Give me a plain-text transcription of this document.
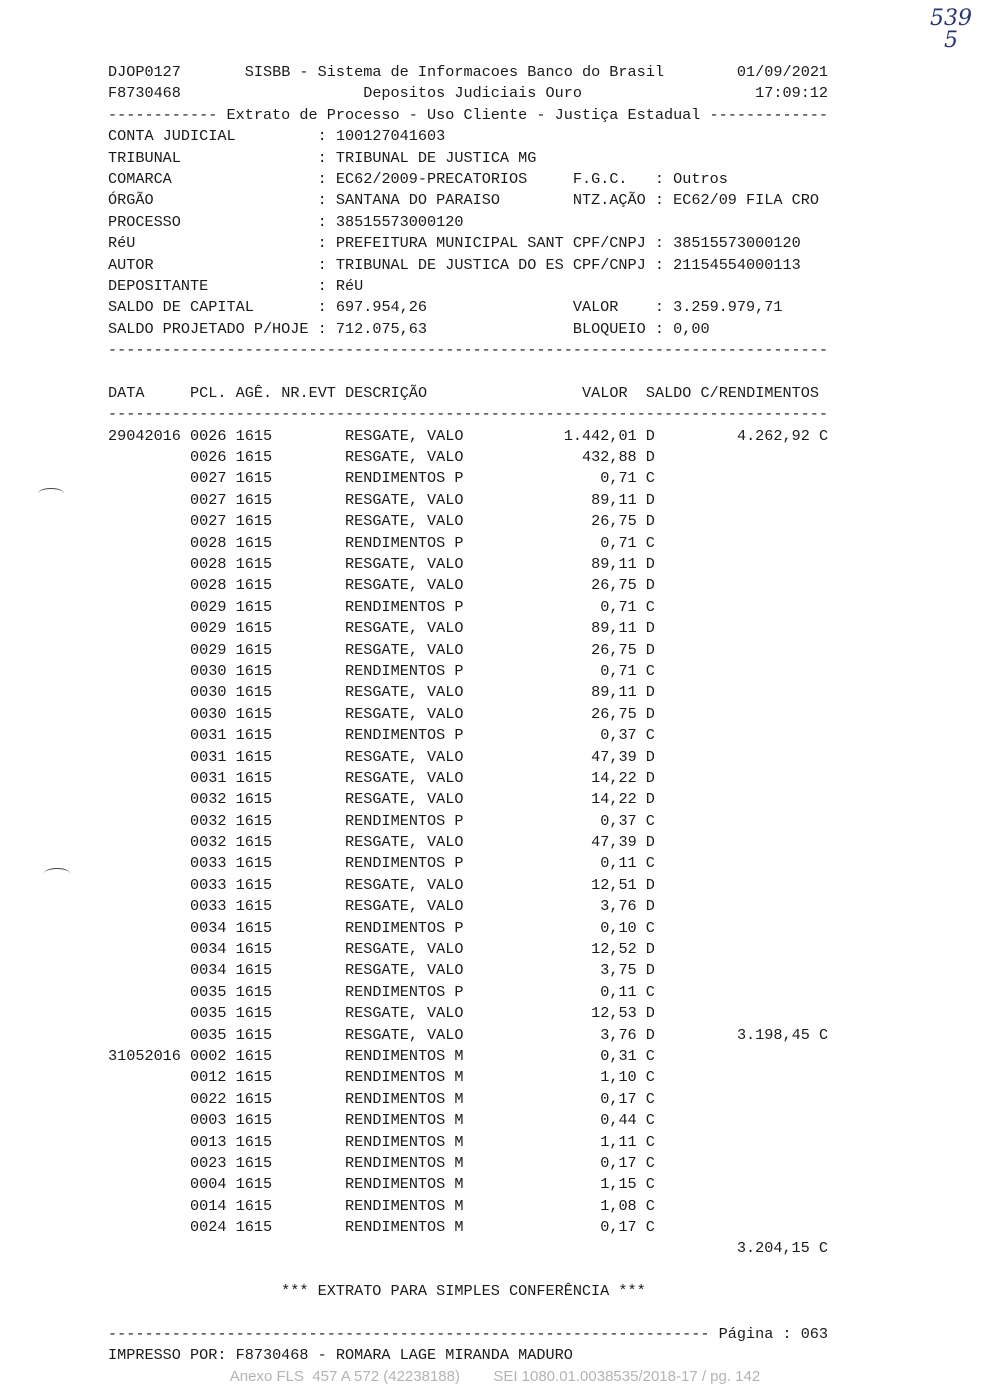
539
5
DJOP0127	SISBB - Sistema de Informacoes Banco do Brasil	01/09/2021
F8730468	Depositos Judiciais Ouro	17:09:12
------------ Extrato de Processo - Uso Cliente - Justiça Estadual -------------
CONTA JUDICIAL	: 100127041603
TRIBUNAL	: TRIBUNAL DE JUSTICA MG
COMARCA	: EC62/2009-PRECATORIOS	F.G.C.   : Outros
ÓRGÃO	: SANTANA DO PARAISO	NTZ.AÇÃO : EC62/09 FILA CRO
PROCESSO	: 38515573000120
RéU	: PREFEITURA MUNICIPAL SANT CPF/CNPJ : 38515573000120
AUTOR	: TRIBUNAL DE JUSTICA DO ES CPF/CNPJ : 21154554000113
DEPOSITANTE	: RéU
SALDO DE CAPITAL	: 697.954,26	VALOR    : 3.259.979,71
SALDO PROJETADO P/HOJE : 712.075,63	BLOQUEIO : 0,00
-------------------------------------------------------------------------------
DATA	PCL. AGÊ. NR.EVT DESCRIÇÃO	VALOR SALDO C/RENDIMENTOS
-------------------------------------------------------------------------------
29042016 0026 1615	RESGATE, VALO	1.442,01 D	4.262,92 C
0026 1615	RESGATE, VALO	432,88 D
0027 1615	RENDIMENTOS P	0,71 C
0027 1615	RESGATE, VALO	89,11 D
0027 1615	RESGATE, VALO	26,75 D
0028 1615	RENDIMENTOS P	0,71 C
0028 1615	RESGATE, VALO	89,11 D
0028 1615	RESGATE, VALO	26,75 D
0029 1615	RENDIMENTOS P	0,71 C
0029 1615	RESGATE, VALO	89,11 D
0029 1615	RESGATE, VALO	26,75 D
0030 1615	RENDIMENTOS P	0,71 C
0030 1615	RESGATE, VALO	89,11 D
0030 1615	RESGATE, VALO	26,75 D
0031 1615	RENDIMENTOS P	0,37 C
0031 1615	RESGATE, VALO	47,39 D
0031 1615	RESGATE, VALO	14,22 D
0032 1615	RESGATE, VALO	14,22 D
0032 1615	RENDIMENTOS P	0,37 C
0032 1615	RESGATE, VALO	47,39 D
0033 1615	RENDIMENTOS P	0,11 C
0033 1615	RESGATE, VALO	12,51 D
0033 1615	RESGATE, VALO	3,76 D
0034 1615	RENDIMENTOS P	0,10 C
0034 1615	RESGATE, VALO	12,52 D
0034 1615	RESGATE, VALO	3,75 D
0035 1615	RENDIMENTOS P	0,11 C
0035 1615	RESGATE, VALO	12,53 D
0035 1615	RESGATE, VALO	3,76 D	3.198,45 C
31052016 0002 1615	RENDIMENTOS M	0,31 C
0012 1615	RENDIMENTOS M	1,10 C
0022 1615	RENDIMENTOS M	0,17 C
0003 1615	RENDIMENTOS M	0,44 C
0013 1615	RENDIMENTOS M	1,11 C
0023 1615	RENDIMENTOS M	0,17 C
0004 1615	RENDIMENTOS M	1,15 C
0014 1615	RENDIMENTOS M	1,08 C
0024 1615	RENDIMENTOS M	0,17 C
3.204,15 C
*** EXTRATO PARA SIMPLES CONFERÊNCIA ***
------------------------------------------------------------------ Página : 063
IMPRESSO POR: F8730468 - ROMARA LAGE MIRANDA MADURO
Anexo FLS  457 A 572 (42238188) SEI 1080.01.0038535/2018-17 / pg. 142
